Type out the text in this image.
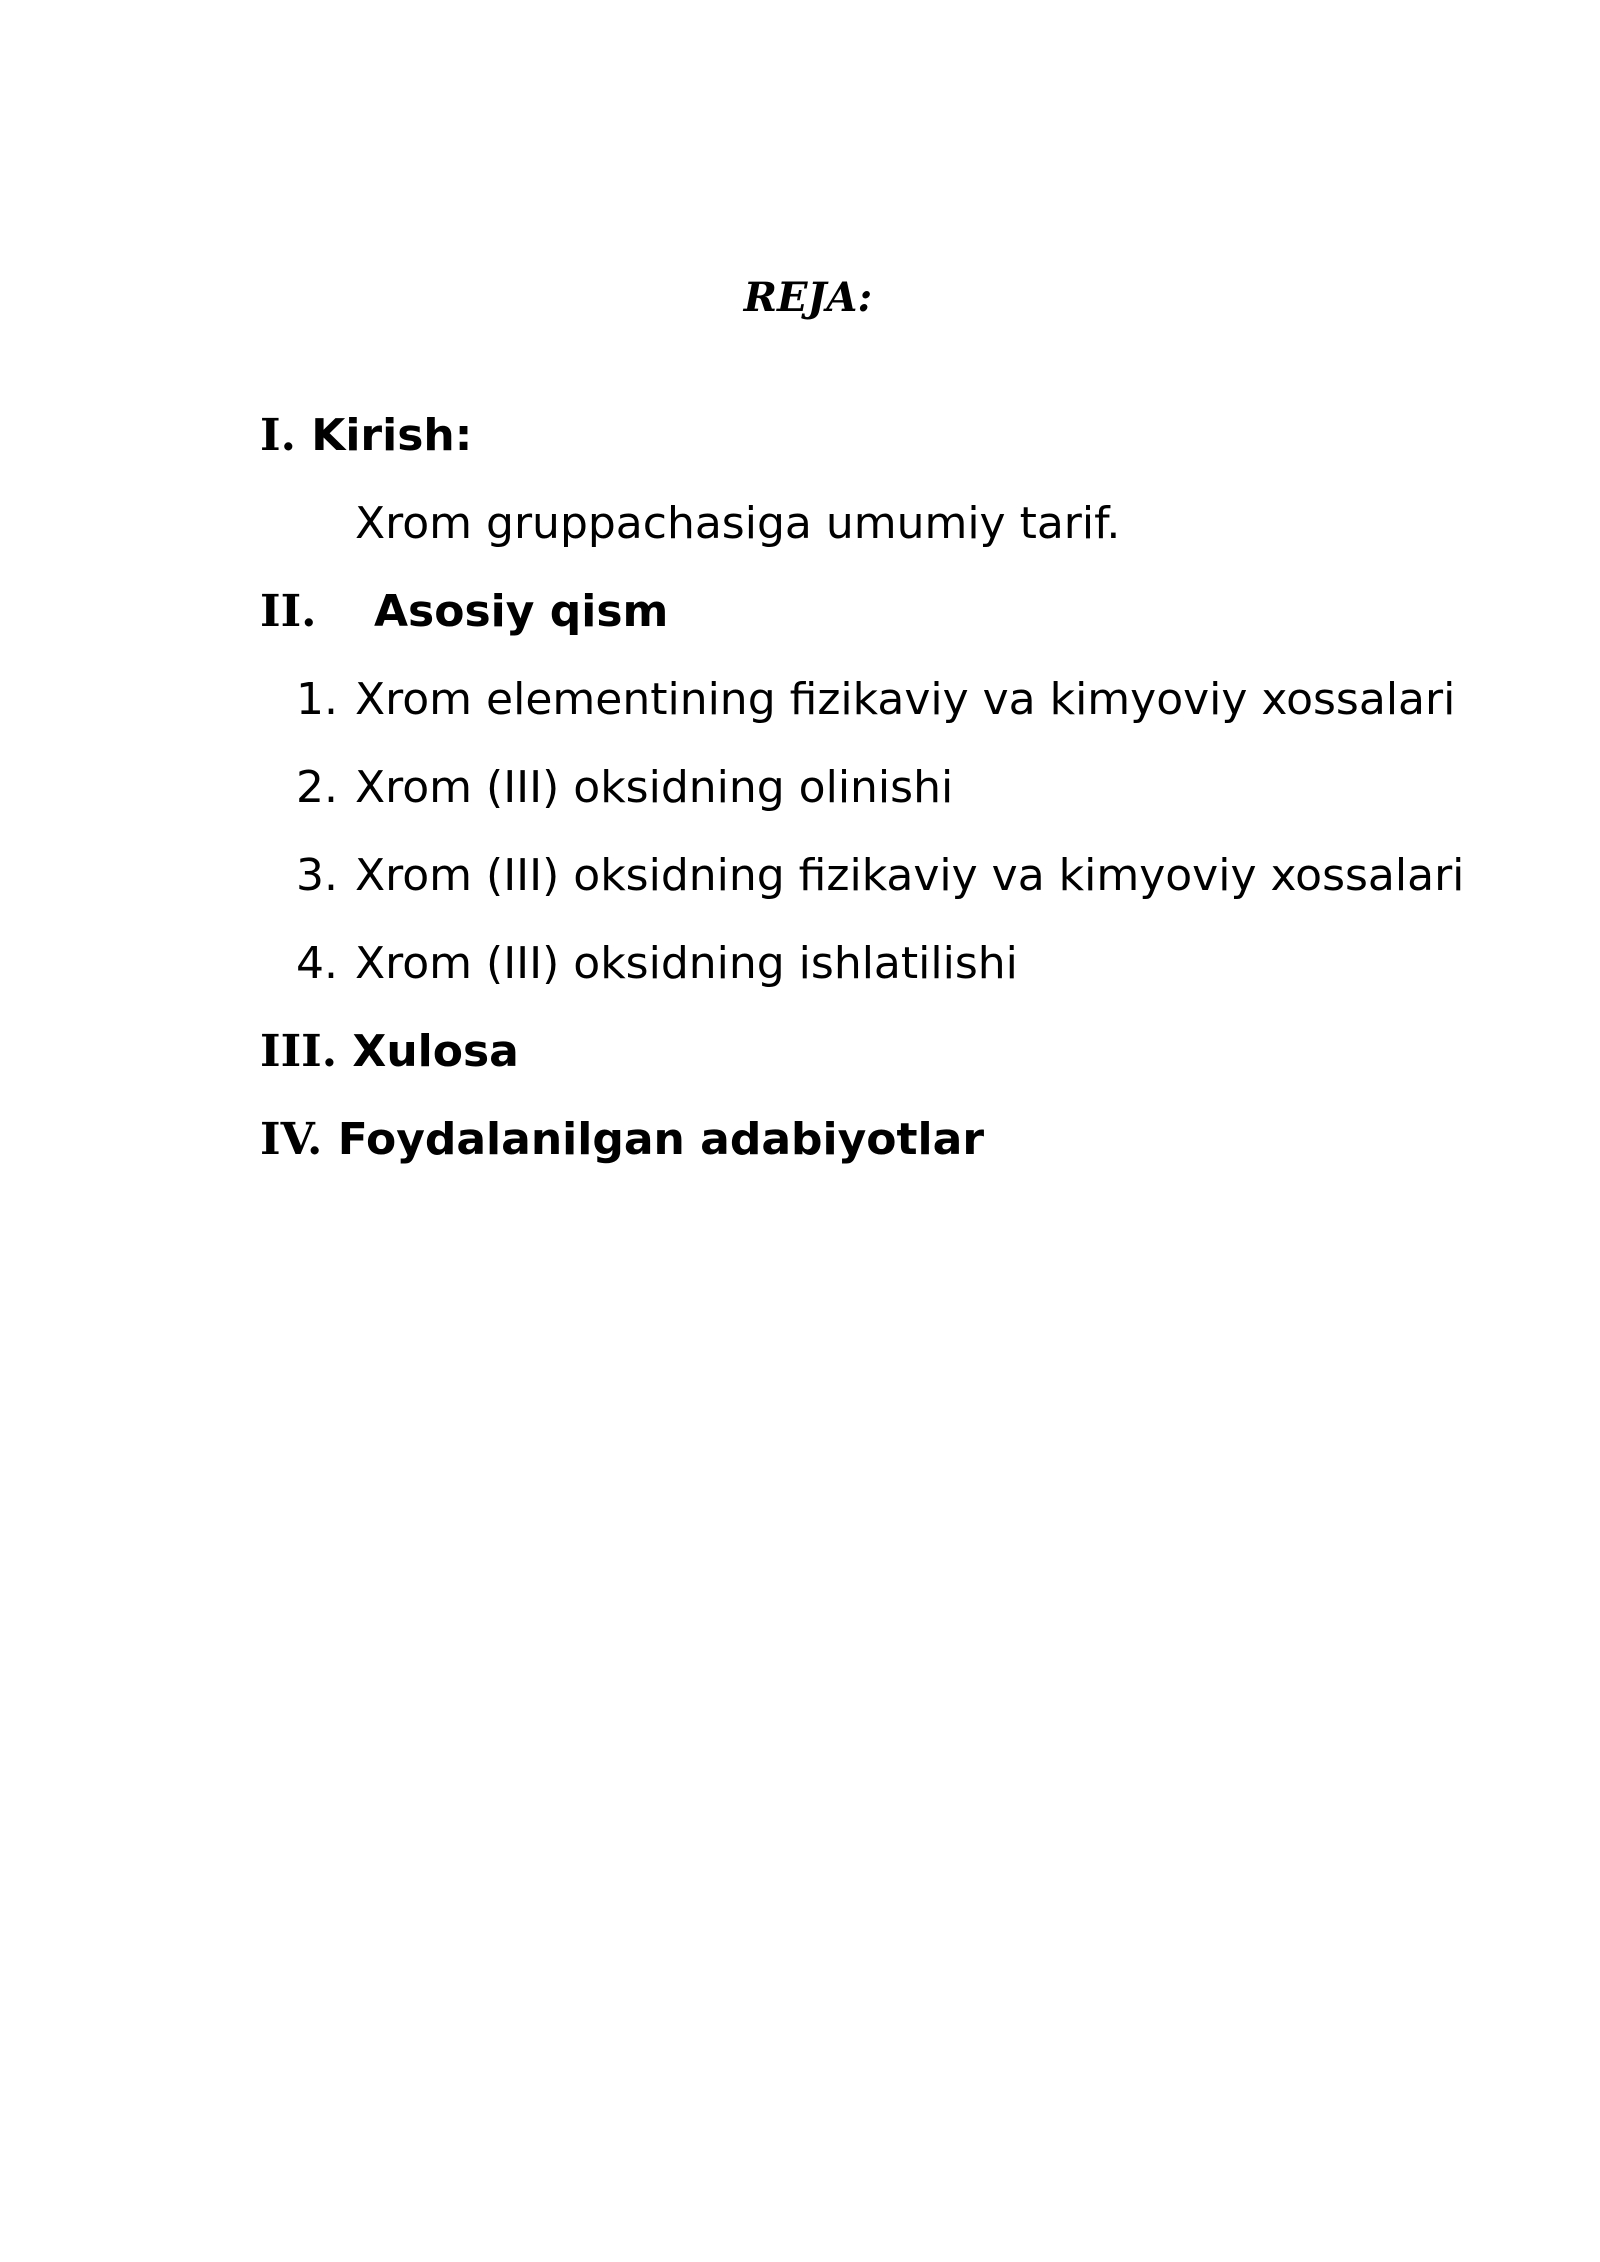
REJA:
I. Kirish:
Xrom gruppachasiga umumiy tarif.
II. Asosiy qism
1. Xrom elementining fizikaviy va kimyoviy xossalari
2. Xrom (III) oksidning olinishi
3. Xrom (III) oksidning fizikaviy va kimyoviy xossalari
4. Xrom (III) oksidning ishlatilishi
III. Xulosa
IV. Foydalanilgan adabiyotlar
